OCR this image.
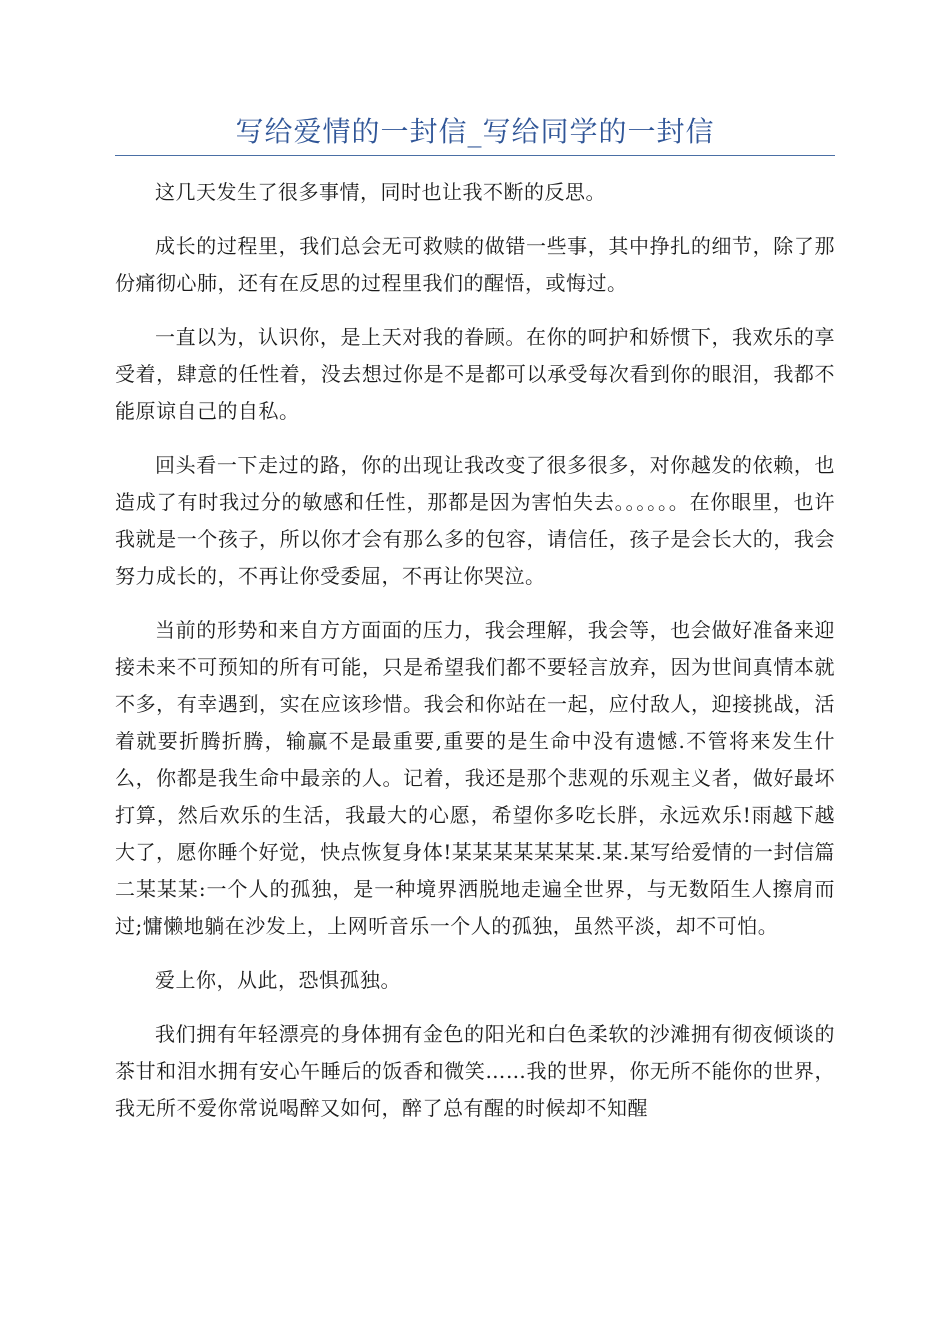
写给爱情的一封信_写给同学的一封信

这几天发生了很多事情，同时也让我不断的反思。

成长的过程里，我们总会无可救赎的做错一些事，其中挣扎的细节，除了那份痛彻心肺，还有在反思的过程里我们的醒悟，或悔过。

一直以为，认识你，是上天对我的眷顾。在你的呵护和娇惯下，我欢乐的享受着，肆意的任性着，没去想过你是不是都可以承受每次看到你的眼泪，我都不能原谅自己的自私。

回头看一下走过的路，你的出现让我改变了很多很多，对你越发的依赖，也造成了有时我过分的敏感和任性，那都是因为害怕失去。。。。。。在你眼里，也许我就是一个孩子，所以你才会有那么多的包容，请信任，孩子是会长大的，我会努力成长的，不再让你受委屈，不再让你哭泣。

当前的形势和来自方方面面的压力，我会理解，我会等，也会做好准备来迎接未来不可预知的所有可能，只是希望我们都不要轻言放弃，因为世间真情本就不多，有幸遇到，实在应该珍惜。我会和你站在一起，应付敌人，迎接挑战，活着就要折腾折腾，输赢不是最重要,重要的是生命中没有遗憾.不管将来发生什么，你都是我生命中最亲的人。记着，我还是那个悲观的乐观主义者，做好最坏打算，然后欢乐的生活，我最大的心愿，希望你多吃长胖，永远欢乐!雨越下越大了，愿你睡个好觉，快点恢复身体!某某某某某某某.某.某写给爱情的一封信篇二某某某:一个人的孤独，是一种境界洒脱地走遍全世界，与无数陌生人擦肩而过;慵懒地躺在沙发上，上网听音乐一个人的孤独，虽然平淡，却不可怕。

爱上你，从此，恐惧孤独。

我们拥有年轻漂亮的身体拥有金色的阳光和白色柔软的沙滩拥有彻夜倾谈的茶甘和泪水拥有安心午睡后的饭香和微笑……我的世界，你无所不能你的世界，我无所不爱你常说喝醉又如何，醉了总有醒的时候却不知醒
